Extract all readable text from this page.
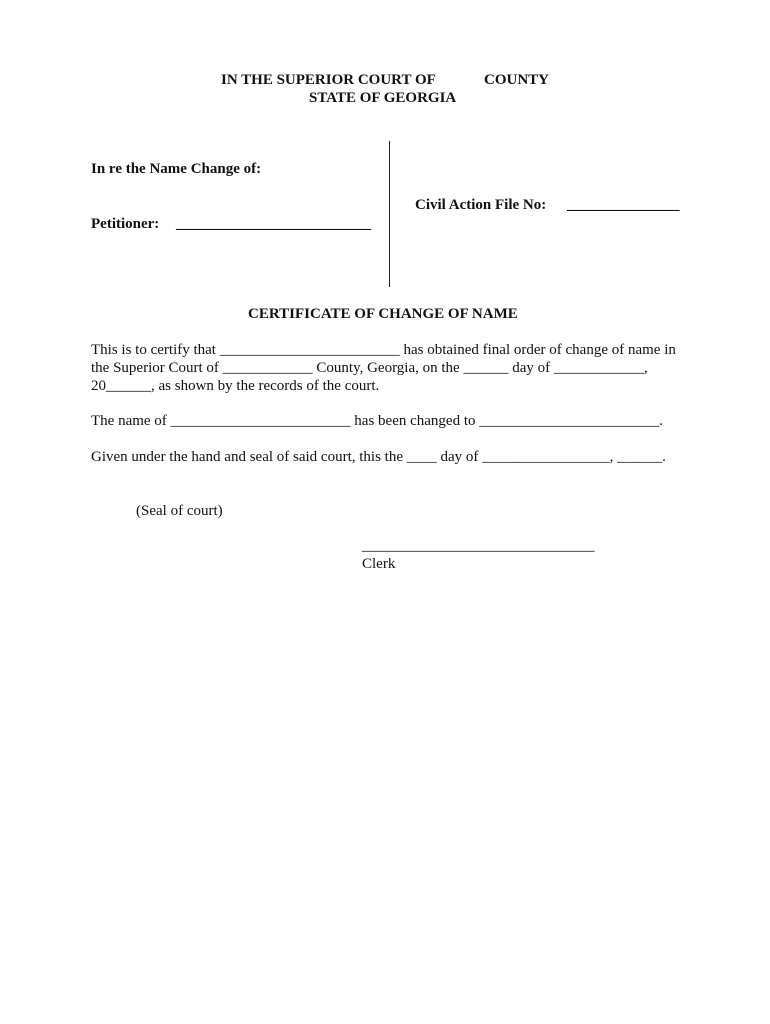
IN THE SUPERIOR COURT OF	COUNTY
STATE OF GEORGIA
In re the Name Change of:
Petitioner: __________________________
Civil Action File No: _______________
CERTIFICATE OF CHANGE OF NAME
This is to certify that ________________________ has obtained final order of change of name in
the Superior Court of ____________ County, Georgia, on the ______ day of ____________,
20______, as shown by the records of the court.
The name of ________________________ has been changed to ________________________.
Given under the hand and seal of said court, this the ____ day of _________________, ______.
(Seal of court)
_______________________________
Clerk
